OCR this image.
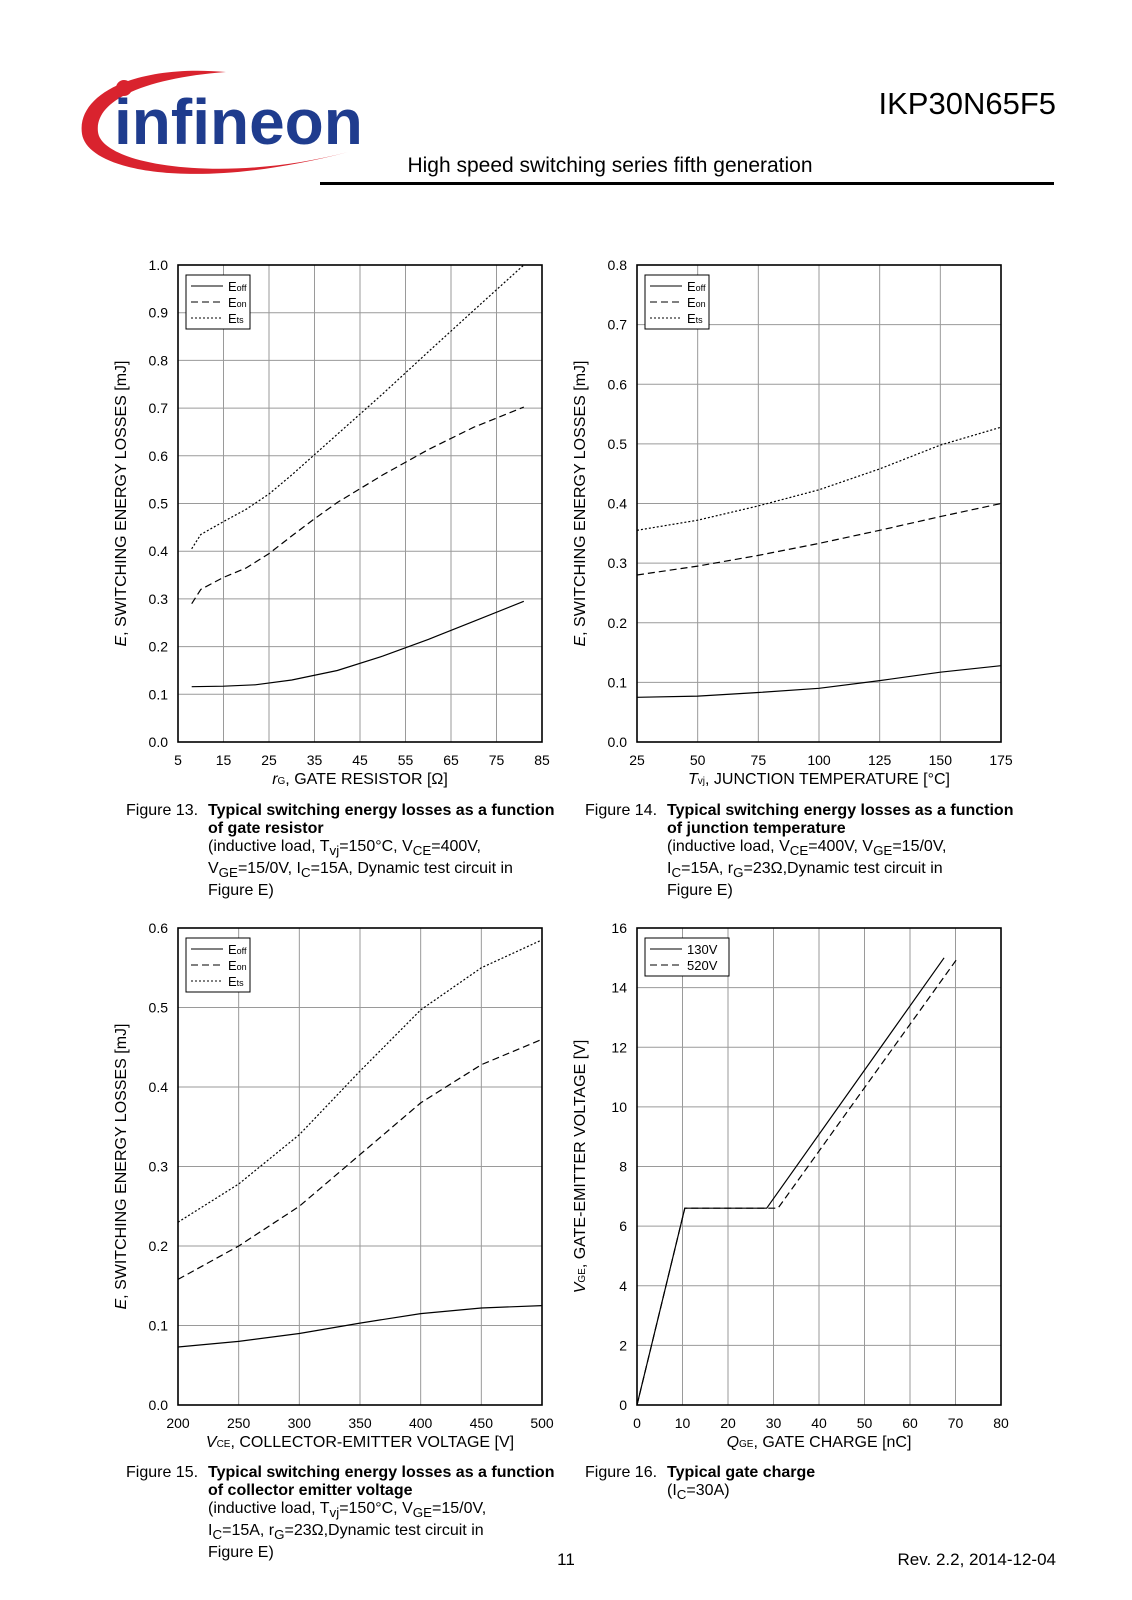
infineon	IKP30N65F5
High speed switching series fifth generation
5 15 25 35 45 55 65 75 85
0.0
0.1
0.2
0.3
0.4
0.5
0.6
0.7
0.8
0.9
1.0
rG, GATE RESISTOR [Ω]
E, SWITCHING ENERGY LOSSES [mJ]
Eoff
Eon
Ets
25	50	75	100	125	150	175
0.0
0.1
0.2
0.3
0.4
0.5
0.6
0.7
0.8
Tvj, JUNCTION TEMPERATURE [°C]
E, SWITCHING ENERGY LOSSES [mJ]
Eoff
Eon
Ets
200	250	300	350	400	450	500
0.0
0.1
0.2
0.3
0.4
0.5
0.6
VCE, COLLECTOR-EMITTER VOLTAGE [V]
E, SWITCHING ENERGY LOSSES [mJ]
Eoff
Eon
Ets
0 10 20 30 40 50 60 70 80
0
2
4
6
8
10
12
14
16
QGE, GATE CHARGE [nC]
VGE, GATE-EMITTER VOLTAGE [V]
130V
520V
Figure 13. Typical switching energy losses as a function of gate resistor
(inductive load, $T_{vj}=150^\circ C$, $V_{CE}=400V$,
$V_{GE}=15/0V$, $I_C=15A$, Dynamic test circuit in
Figure E)
Figure 14. Typical switching energy losses as a function of junction temperature
(inductive load, $V_{CE}=400V$, $V_{GE}=15/0V$,
$I_C=15A$, $r_G=23\Omega,Dynamic$ test circuit in
Figure E)
Figure 15. Typical switching energy losses as a function of collector emitter voltage
(inductive load, $T_{vj}=150^\circ C$, $V_{GE}=15/0V$,
$I_C=15A$, $r_G=23\Omega,Dynamic$ test circuit in
Figure E)
Figure 16. Typical gate charge
$(I_C=30A)$
11	Rev. 2.2, 2014-12-04
